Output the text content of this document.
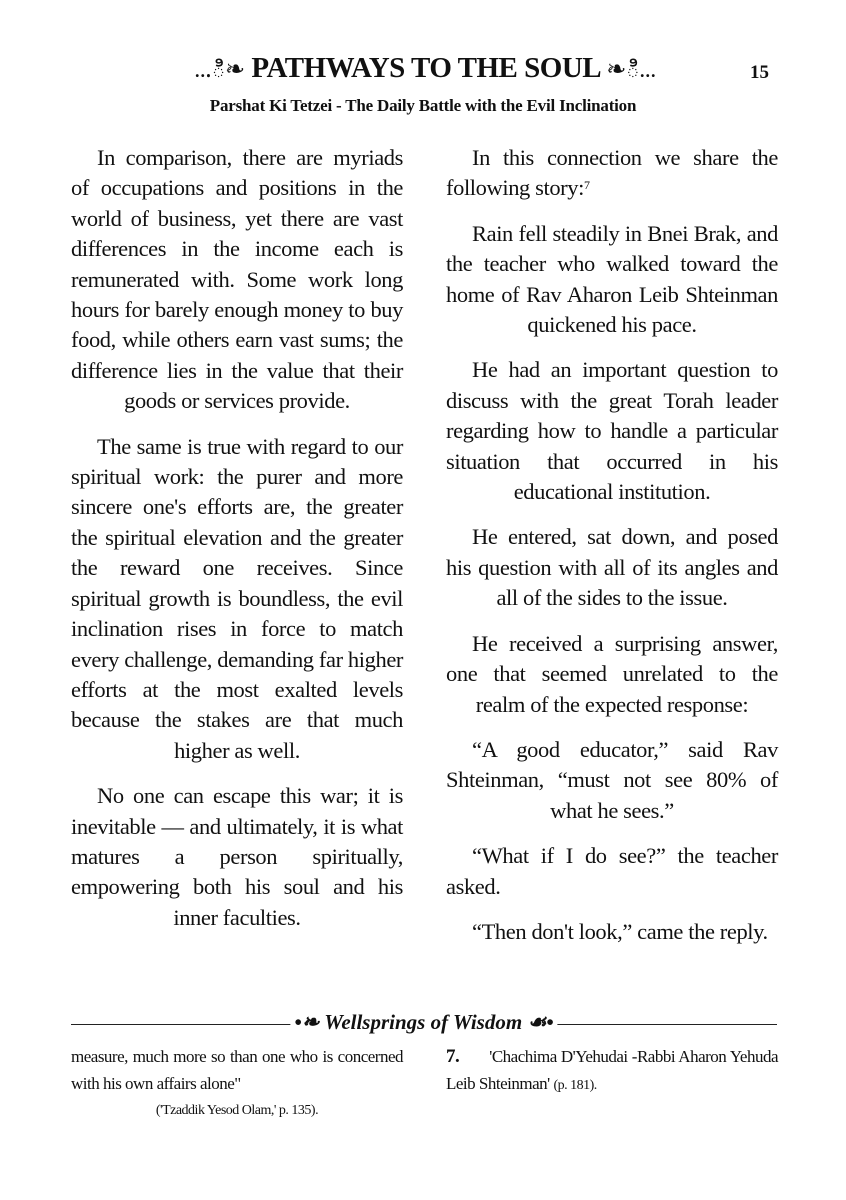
...ి❧ PATHWAYS TO THE SOUL ❧ి...	15
Parshat Ki Tetzei - The Daily Battle with the Evil Inclination

In comparison, there are myriads of occupations and positions in the world of business, yet there are vast differences in the income each is remunerated with. Some work long hours for barely enough money to buy food, while others earn vast sums; the difference lies in the value that their goods or services provide.

The same is true with regard to our spiritual work: the purer and more sincere one's efforts are, the greater the spiritual elevation and the greater the reward one receives. Since spiritual growth is boundless, the evil inclination rises in force to match every challenge, demanding far higher efforts at the most exalted levels because the stakes are that much higher as well.

No one can escape this war; it is inevitable — and ultimately, it is what matures a person spiritually, empowering both his soul and his inner faculties.

In this connection we share the following story:$^7$

Rain fell steadily in Bnei Brak, and the teacher who walked toward the home of Rav Aharon Leib Shteinman quickened his pace.

He had an important question to discuss with the great Torah leader regarding how to handle a particular situation that occurred in his educational institution.

He entered, sat down, and posed his question with all of its angles and all of the sides to the issue.

He received a surprising answer, one that seemed unrelated to the realm of the expected response:

“A good educator,” said Rav Shteinman, “must not see 80% of what he sees.”

“What if I do see?” the teacher asked.

“Then don't look,” came the reply.

•❧ Wellsprings of Wisdom ☙•

measure, much more so than one who is concerned with his own affairs alone"

('Tzaddik Yesod Olam,' p. 135).

7. 'Chachima D'Yehudai -Rabbi Aharon Yehuda Leib Shteinman' (p. 181).
